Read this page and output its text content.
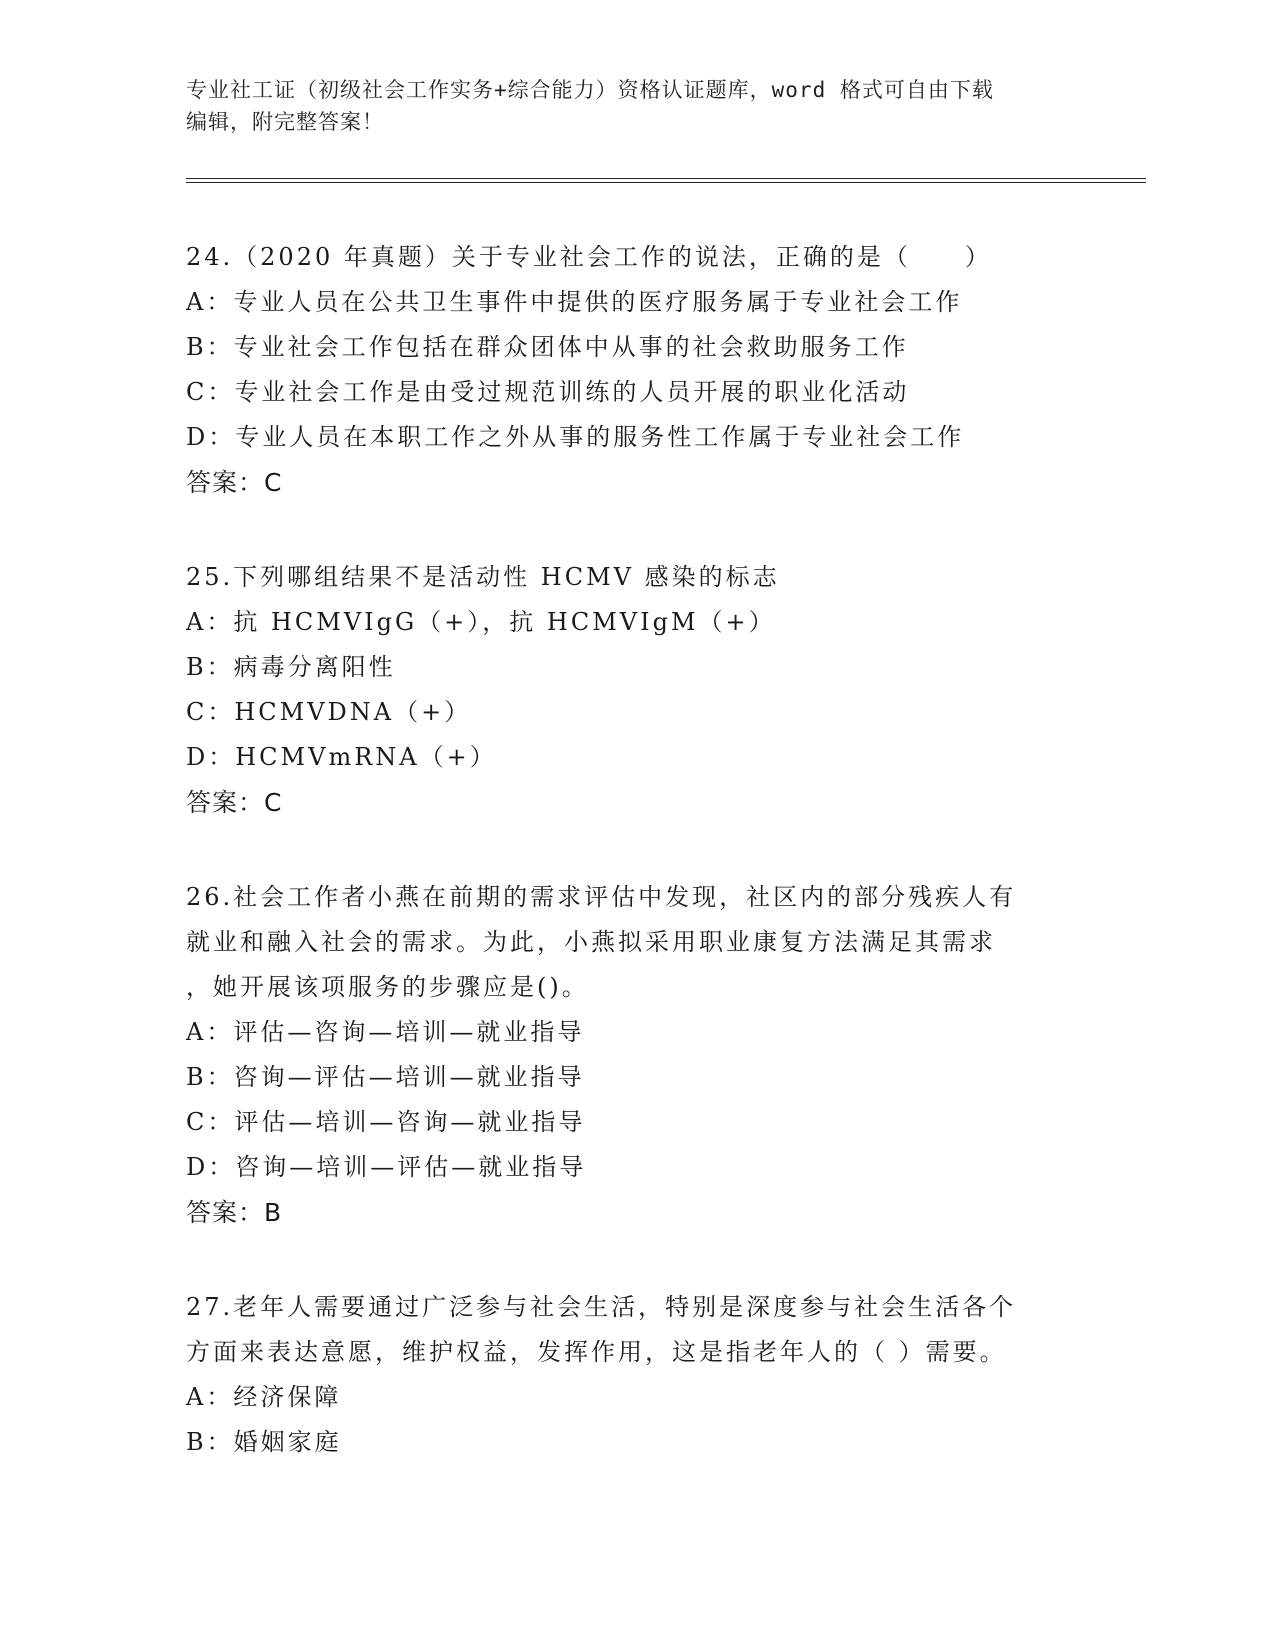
专业社工证（初级社会工作实务+综合能力）资格认证题库，word 格式可自由下载
编辑，附完整答案！
24.（2020 年真题）关于专业社会工作的说法，正确的是（　　）
A：专业人员在公共卫生事件中提供的医疗服务属于专业社会工作
B：专业社会工作包括在群众团体中从事的社会救助服务工作
C：专业社会工作是由受过规范训练的人员开展的职业化活动
D：专业人员在本职工作之外从事的服务性工作属于专业社会工作
答案：C
25.下列哪组结果不是活动性 HCMV 感染的标志
A：抗 HCMVIgG（+），抗 HCMVIgM（+）
B：病毒分离阳性
C：HCMVDNA（+）
D：HCMVmRNA（+）
答案：C
26.社会工作者小燕在前期的需求评估中发现，社区内的部分残疾人有
就业和融入社会的需求。为此，小燕拟采用职业康复方法满足其需求
，她开展该项服务的步骤应是()。
A：评估—咨询—培训—就业指导
B：咨询—评估—培训—就业指导
C：评估—培训—咨询—就业指导
D：咨询—培训—评估—就业指导
答案：B
27.老年人需要通过广泛参与社会生活，特别是深度参与社会生活各个
方面来表达意愿，维护权益，发挥作用，这是指老年人的（ ）需要。
A：经济保障
B：婚姻家庭
